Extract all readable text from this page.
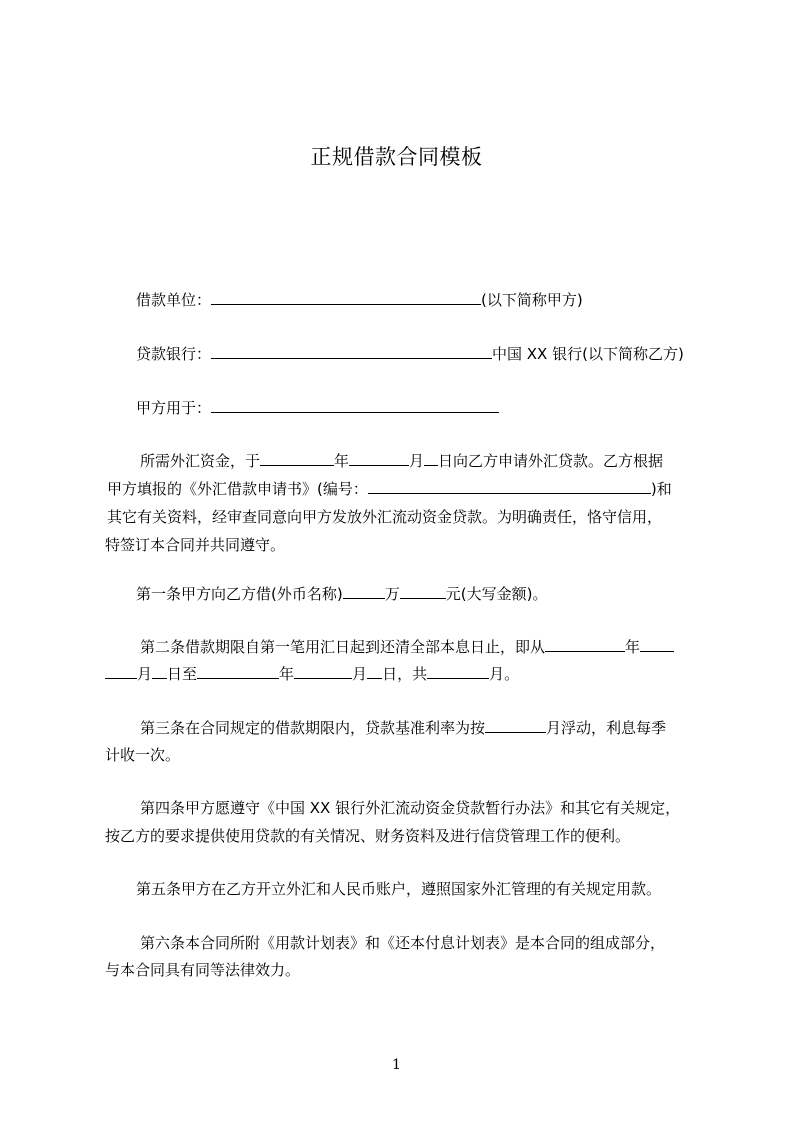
正规借款合同模板
借款单位：	(以下简称甲方)
贷款银行：	中国 XX 银行(以下简称乙方)
甲方用于：
所需外汇资金，于	年	月 日向乙方申请外汇贷款。乙方根据
甲方填报的《外汇借款申请书》(编号：	)和
其它有关资料，经审查同意向甲方发放外汇流动资金贷款。为明确责任，恪守信用，
特签订本合同并共同遵守。
第一条甲方向乙方借(外币名称)	万	元(大写金额)。
第二条借款期限自第一笔用汇日起到还清全部本息日止，即从	年
月 日至	年	月 日，共	月。
第三条在合同规定的借款期限内，贷款基准利率为按	月浮动，利息每季
计收一次。
第四条甲方愿遵守《中国 XX 银行外汇流动资金贷款暂行办法》和其它有关规定，
按乙方的要求提供使用贷款的有关情况、财务资料及进行信贷管理工作的便利。
第五条甲方在乙方开立外汇和人民币账户，遵照国家外汇管理的有关规定用款。
第六条本合同所附《用款计划表》和《还本付息计划表》是本合同的组成部分，
与本合同具有同等法律效力。
1
